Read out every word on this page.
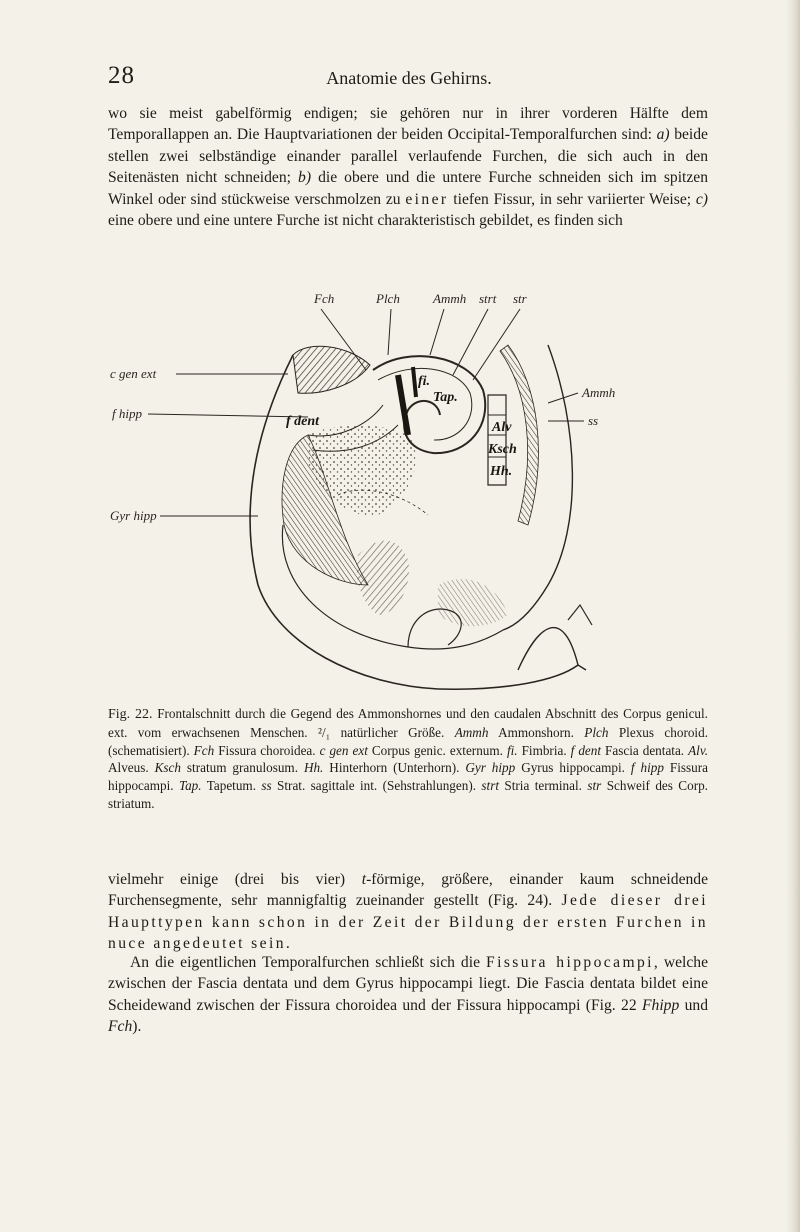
28	Anatomie des Gehirns.

wo sie meist gabelförmig endigen; sie gehören nur in ihrer vorderen Hälfte dem Temporallappen an. Die Hauptvariationen der beiden Occipital-Temporalfurchen sind: a) beide stellen zwei selbständige einander parallel verlaufende Furchen, die sich auch in den Seitenästen nicht schneiden; b) die obere und die untere Furche schneiden sich im spitzen Winkel oder sind stückweise verschmolzen zu einer tiefen Fissur, in sehr variierter Weise; c) eine obere und eine untere Furche ist nicht charakteristisch gebildet, es finden sich

Fch	Plch	Ammh strt str
c gen ext
f hipp
Gyr hipp
Ammh
ss
f dent
fi.
Tap.
Alv
Ksch
Hh.

Fig. 22. Frontalschnitt durch die Gegend des Ammonshornes und den caudalen Abschnitt des Corpus genicul. ext. vom erwachsenen Menschen. ²/₁ natürlicher Größe. Ammh Ammonshorn. Plch Plexus choroid. (schematisiert). Fch Fissura choroidea. c gen ext Corpus genic. externum. fi. Fimbria. f dent Fascia dentata. Alv. Alveus. Ksch stratum granulosum. Hh. Hinterhorn (Unterhorn). Gyr hipp Gyrus hippocampi. f hipp Fissura hippocampi. Tap. Tapetum. ss Strat. sagittale int. (Sehstrahlungen). strt Stria terminal. str Schweif des Corp. striatum.

vielmehr einige (drei bis vier) t-förmige, größere, einander kaum schneidende Furchensegmente, sehr mannigfaltig zueinander gestellt (Fig. 24). Jede dieser drei Haupttypen kann schon in der Zeit der Bildung der ersten Furchen in nuce angedeutet sein.

An die eigentlichen Temporalfurchen schließt sich die Fissura hippocampi, welche zwischen der Fascia dentata und dem Gyrus hippocampi liegt. Die Fascia dentata bildet eine Scheidewand zwischen der Fissura choroidea und der Fissura hippocampi (Fig. 22 Fhipp und Fch).
